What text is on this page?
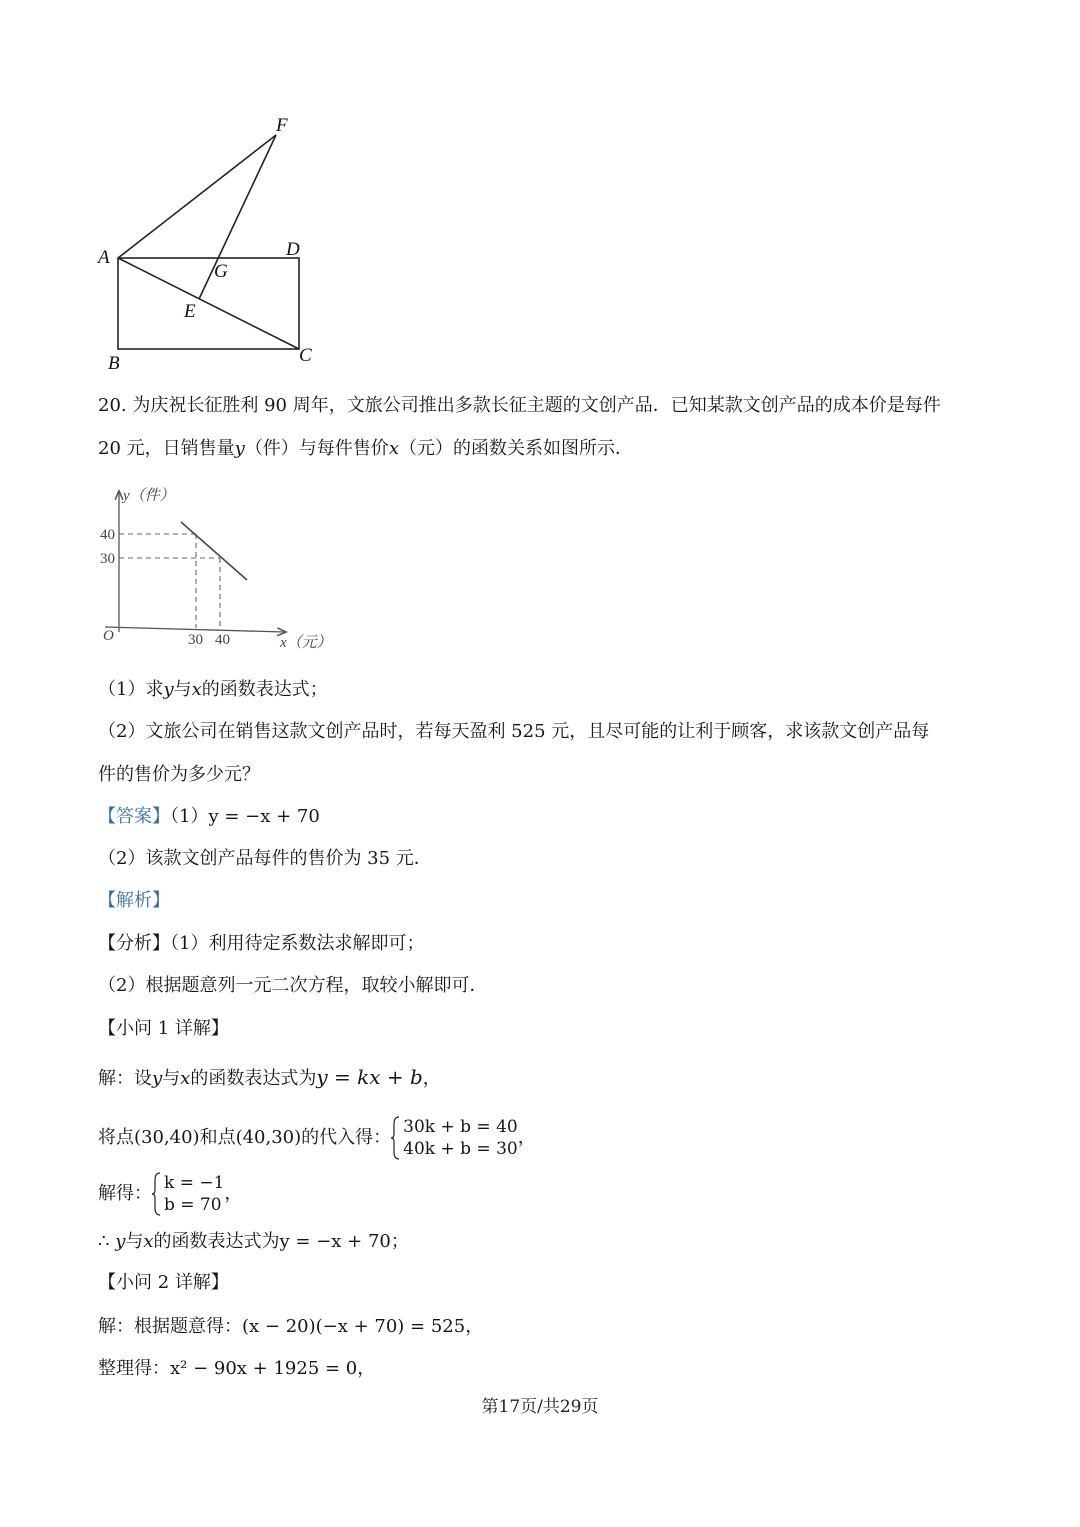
F
A	D
G
E
B	C
20. 为庆祝长征胜利 90 周年，文旅公司推出多款长征主题的文创产品．已知某款文创产品的成本价是每件
20 元，日销售量y（件）与每件售价x（元）的函数关系如图所示．
y（件）
40
30
O	30 40	x（元）
（1）求y与x的函数表达式；
（2）文旅公司在销售这款文创产品时，若每天盈利 525 元，且尽可能的让利于顾客，求该款文创产品每
件的售价为多少元？
【答案】（1）y = −x + 70
（2）该款文创产品每件的售价为 35 元．
【解析】
【分析】（1）利用待定系数法求解即可；
（2）根据题意列一元二次方程，取较小解即可．
【小问 1 详解】
解：设y与x的函数表达式为y = kx + b，
将点(30,40)和点(40,30)的代入得： 30k + b = 40
40k + b = 30
，
解得： k = −1
b = 70
，
∴ y与x的函数表达式为y = −x + 70；
【小问 2 详解】
解：根据题意得：(x − 20)(−x + 70) = 525，
整理得：x² − 90x + 1925 = 0，
第17页/共29页
